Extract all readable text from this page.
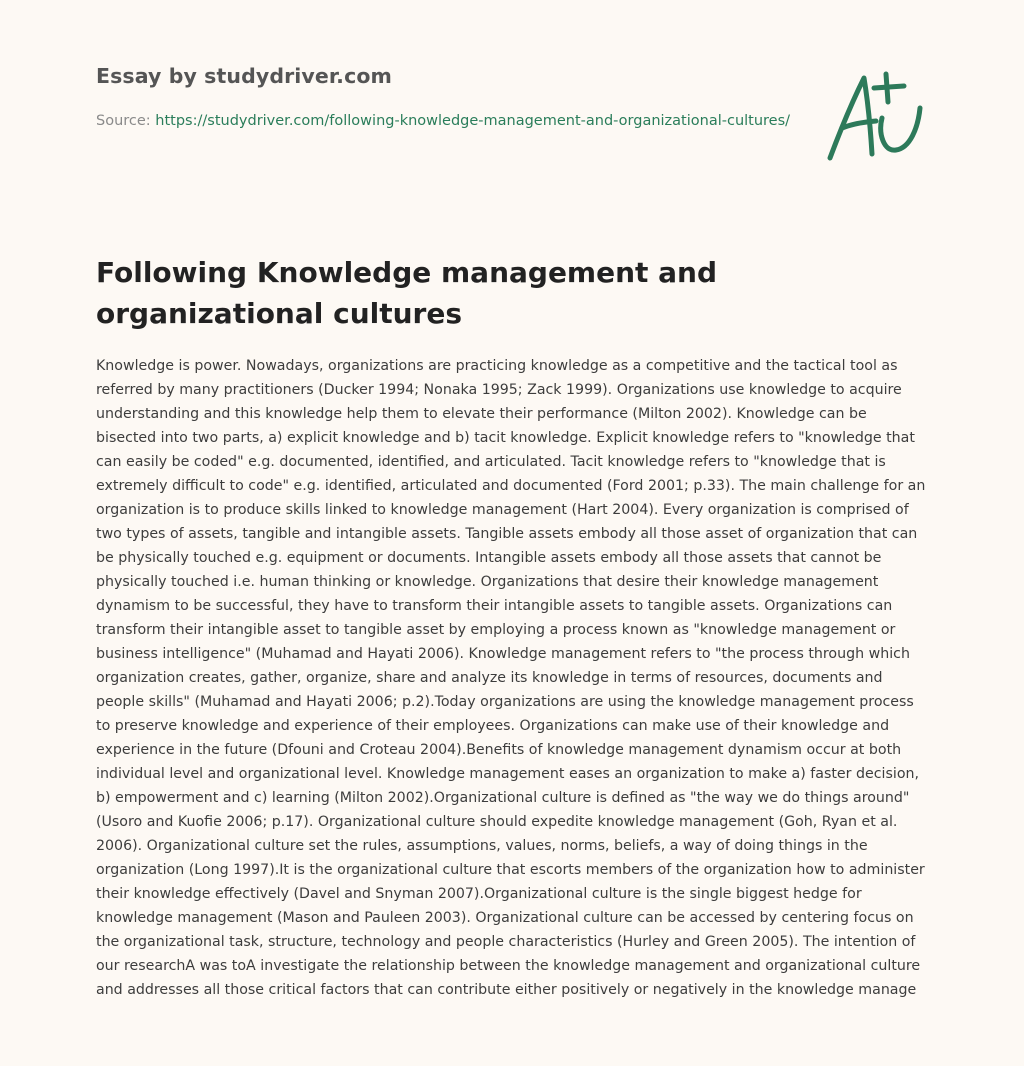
Essay by studydriver.com

Source: https://studydriver.com/following-knowledge-management-and-organizational-cultures/

Following Knowledge management and organizational cultures

Knowledge is power. Nowadays, organizations are practicing knowledge as a competitive and the tactical tool as referred by many practitioners (Ducker 1994; Nonaka 1995; Zack 1999). Organizations use knowledge to acquire understanding and this knowledge help them to elevate their performance (Milton 2002). Knowledge can be bisected into two parts, a) explicit knowledge and b) tacit knowledge. Explicit knowledge refers to "knowledge that can easily be coded" e.g. documented, identified, and articulated. Tacit knowledge refers to "knowledge that is extremely difficult to code" e.g. identified, articulated and documented (Ford 2001; p.33). The main challenge for an organization is to produce skills linked to knowledge management (Hart 2004). Every organization is comprised of two types of assets, tangible and intangible assets. Tangible assets embody all those asset of organization that can be physically touched e.g. equipment or documents. Intangible assets embody all those assets that cannot be physically touched i.e. human thinking or knowledge. Organizations that desire their knowledge management dynamism to be successful, they have to transform their intangible assets to tangible assets. Organizations can transform their intangible asset to tangible asset by employing a process known as "knowledge management or business intelligence" (Muhamad and Hayati 2006). Knowledge management refers to "the process through which organization creates, gather, organize, share and analyze its knowledge in terms of resources, documents and people skills" (Muhamad and Hayati 2006; p.2).Today organizations are using the knowledge management process to preserve knowledge and experience of their employees. Organizations can make use of their knowledge and experience in the future (Dfouni and Croteau 2004).Benefits of knowledge management dynamism occur at both individual level and organizational level. Knowledge management eases an organization to make a) faster decision, b) empowerment and c) learning (Milton 2002).Organizational culture is defined as "the way we do things around" (Usoro and Kuofie 2006; p.17). Organizational culture should expedite knowledge management (Goh, Ryan et al. 2006). Organizational culture set the rules, assumptions, values, norms, beliefs, a way of doing things in the organization (Long 1997).It is the organizational culture that escorts members of the organization how to administer their knowledge effectively (Davel and Snyman 2007).Organizational culture is the single biggest hedge for knowledge management (Mason and Pauleen 2003). Organizational culture can be accessed by centering focus on the organizational task, structure, technology and people characteristics (Hurley and Green 2005). The intention of our researchA was toA investigate the relationship between the knowledge management and organizational culture and addresses all those critical factors that can contribute either positively or negatively in the knowledge manage
